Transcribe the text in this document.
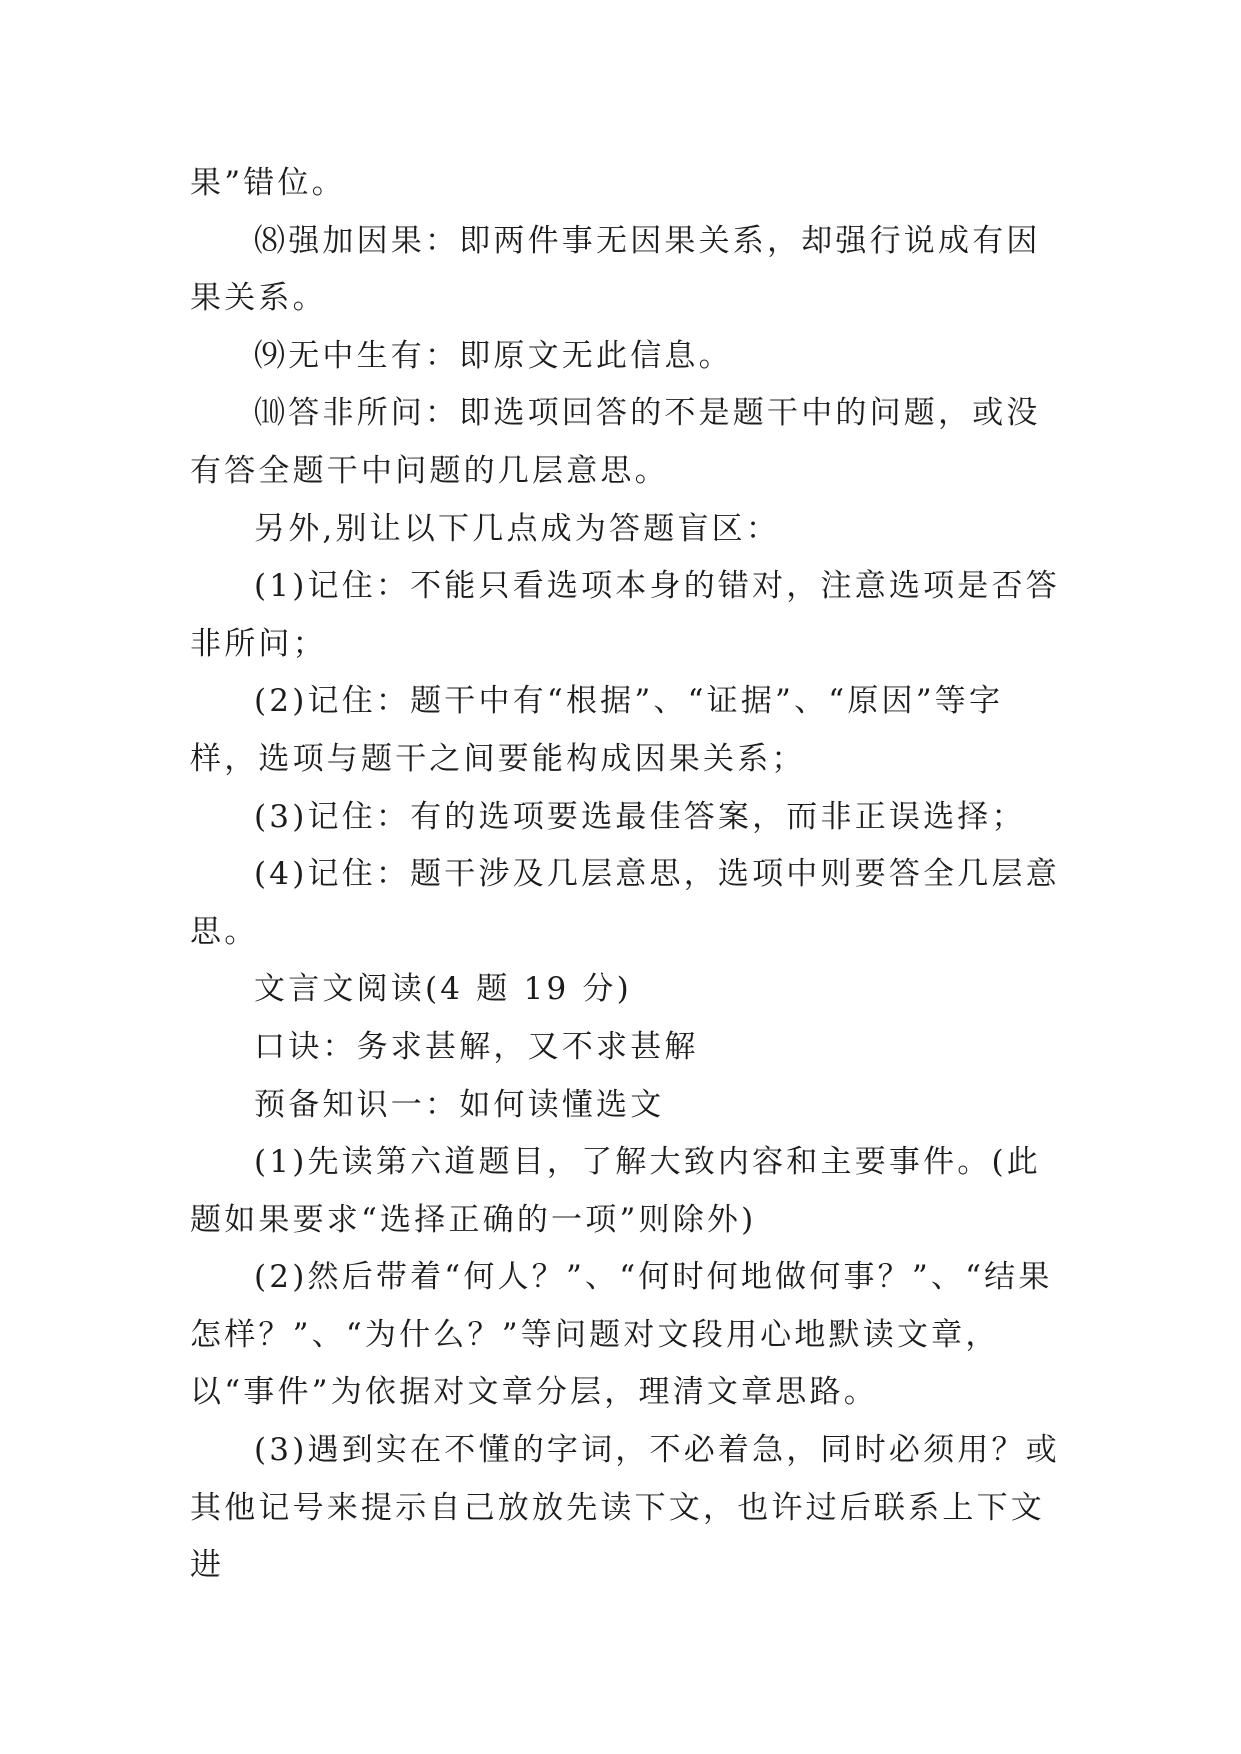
果”错位。

⑻强加因果：即两件事无因果关系，却强行说成有因果关系。

⑼无中生有：即原文无此信息。

⑽答非所问：即选项回答的不是题干中的问题，或没有答全题干中问题的几层意思。

另外,别让以下几点成为答题盲区：

(1)记住：不能只看选项本身的错对，注意选项是否答非所问；

(2)记住：题干中有“根据”、“证据”、“原因”等字样，选项与题干之间要能构成因果关系；

(3)记住：有的选项要选最佳答案，而非正误选择；

(4)记住：题干涉及几层意思，选项中则要答全几层意思。

文言文阅读(4 题 19 分)

口诀：务求甚解，又不求甚解

预备知识一：如何读懂选文

(1)先读第六道题目，了解大致内容和主要事件。(此题如果要求“选择正确的一项”则除外)

(2)然后带着“何人？”、“何时何地做何事？”、“结果怎样？”、“为什么？”等问题对文段用心地默读文章，以“事件”为依据对文章分层，理清文章思路。

(3)遇到实在不懂的字词，不必着急，同时必须用？或其他记号来提示自己放放先读下文，也许过后联系上下文进
